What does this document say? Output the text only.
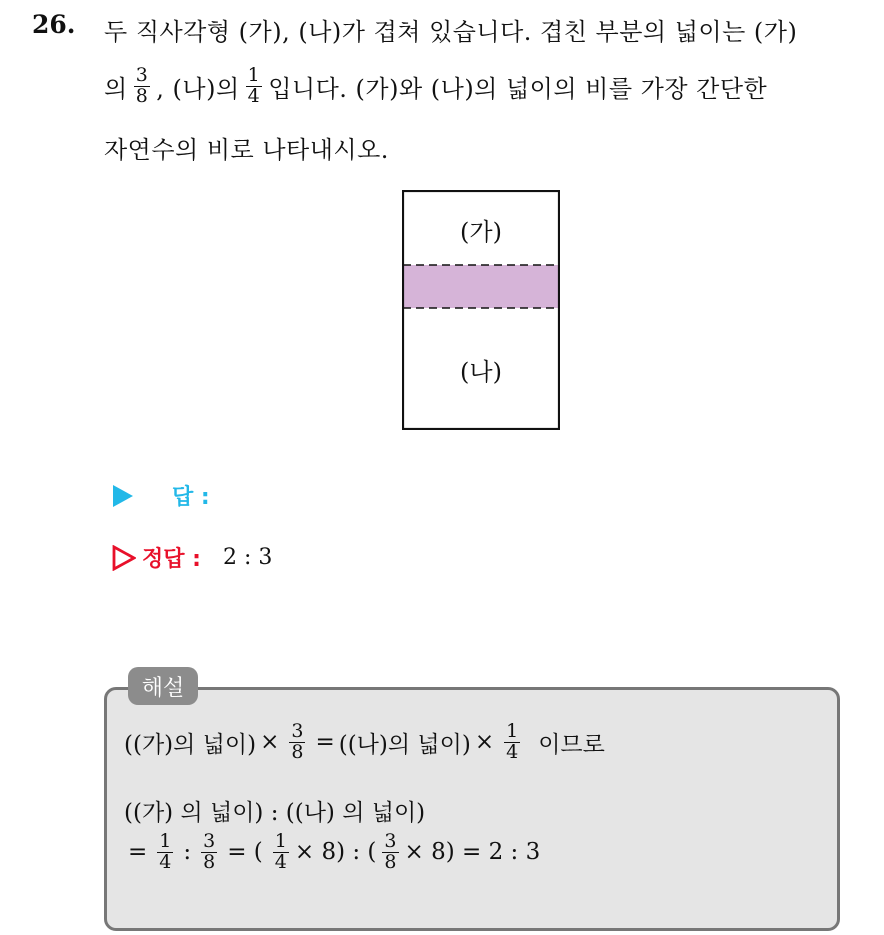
26. 두 직사각형 (가), (나)가 겹쳐 있습니다. 겹친 부분의 넓이는 (가)
의 $\frac{3}{8}$ , (나)의 $\frac{1}{4}$ 입니다. (가)와 (나)의 넓이의 비를 가장 간단한
자연수의 비로 나타내시오.
(가)
(나)
답 :
정답 : 2 : 3
해설
((가)의 넓이) × $\frac{3}{8}$ = ((나)의 넓이) × $\frac{1}{4}$ 이므로
((가) 의 넓이) : ((나) 의 넓이)
= $\frac{1}{4}$ : $\frac{3}{8}$ = ( $\frac{1}{4} \times 8$) : ( $\frac{3}{8} \times 8) = 2$ : 3
